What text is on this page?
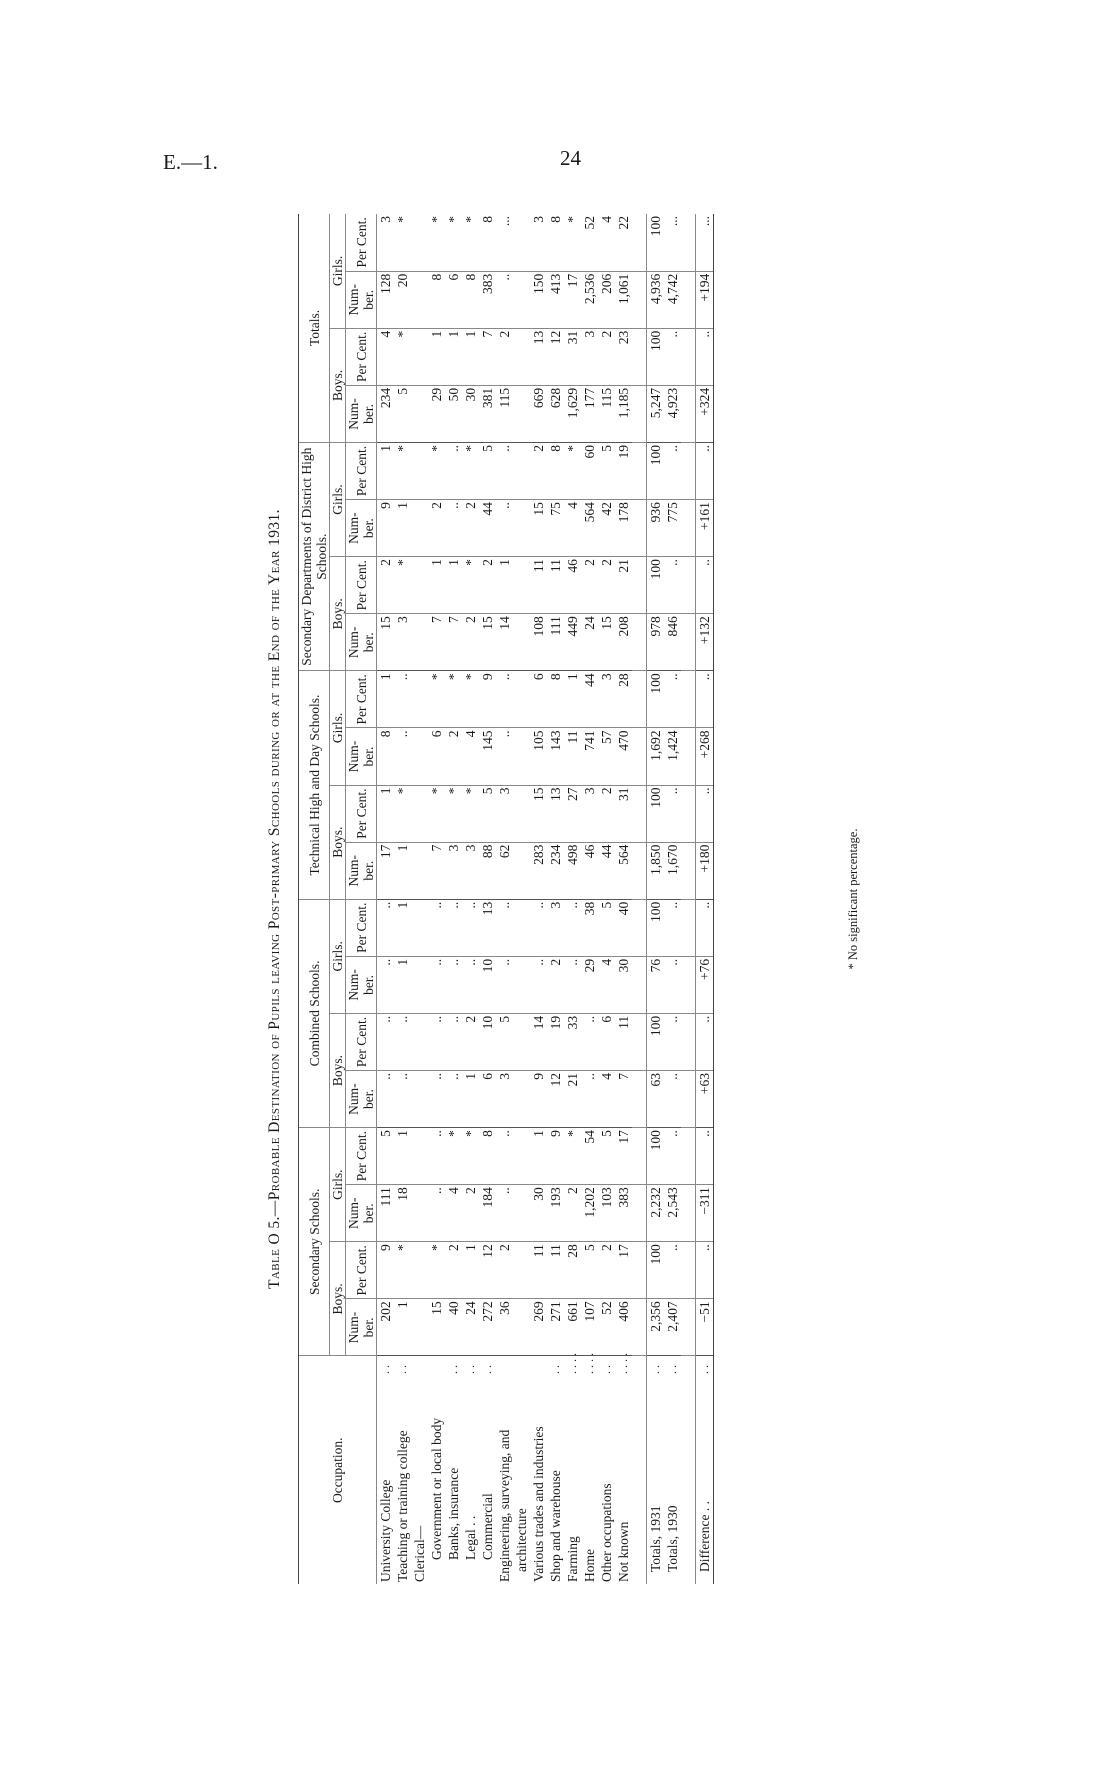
E.—1.	24
Table O 5.—Probable Destination of Pupils leaving Post-primary Schools during or at the End of the Year 1931.
Occupation.		Secondary Schools.				Combined Schools.				Technical High and Day Schools.				Secondary Departments of District High Schools.				Totals.			
		Boys.		Girls.		Boys.		Girls.		Boys.		Girls.		Boys.		Girls.		Boys.		Girls.	
		Num- ber.	Per Cent.	Num- ber.	Per Cent.	Num- ber.	Per Cent.	Num- ber.	Per Cent.	Num- ber.	Per Cent.	Num- ber.	Per Cent.	Num- ber.	Per Cent.	Num- ber.	Per Cent.	Num- ber.	Per Cent.	Num- ber.	Per Cent.
University College	. .	202	9	111	5	..	..	..	..	17	1	8	1	15	2	9	1	234	4	128	3
Teaching or training college	. .	1	*	18	1	..	..	1	1	1	*	..	..	3	*	1	*	5	*	20	*
Clerical—																					
Government or local body		15	*	..	..	..	..	..	..	7	*	6	*	7	1	2	*	29	1	8	*
Banks, insurance	. .	40	2	4	*	..	..	..	..	3	*	2	*	7	1	..	..	50	1	6	*
Legal . .	. .	24	1	2	*	1	2	..	..	3	*	4	*	2	*	2	*	30	1	8	*
Commercial	. .	272	12	184	8	6	10	10	13	88	5	145	9	15	2	44	5	381	7	383	8
Engineering, surveying, and		36	2	..	..	3	5	..	..	62	3	..	..	14	1	..	..	115	2	..	...
architecture																					
Various trades and industries		269	11	30	1	9	14	..	..	283	15	105	6	108	11	15	2	669	13	150	3
Shop and warehouse	. .	271	11	193	9	12	19	2	3	234	13	143	8	111	11	75	8	628	12	413	8
Farming	. . . .	661	28	2	*	21	33	..	..	498	27	11	1	449	46	4	*	1,629	31	17	*
Home	. . . .	107	5	1,202	54	..	..	29	38	46	3	741	44	24	2	564	60	177	3	2,536	52
Other occupations	. .	52	2	103	5	4	6	4	5	44	2	57	3	15	2	42	5	115	2	206	4
Not known	. . . .	406	17	383	17	7	11	30	40	564	31	470	28	208	21	178	19	1,185	23	1,061	22

Totals, 1931	. .	2,356	100	2,232	100	63	100	76	100	1,850	100	1,692	100	978	100	936	100	5,247	100	4,936	100
Totals, 1930	. .	2,407	..	2,543	..	..	..	..	..	1,670	..	1,424	..	846	..	775	..	4,923	..	4,742	...

Difference . .	. .	−51	..	−311	..	+63	..	+76	..	+180	..	+268	..	+132	..	+161	..	+324	..	+194	...
* No significant percentage.
